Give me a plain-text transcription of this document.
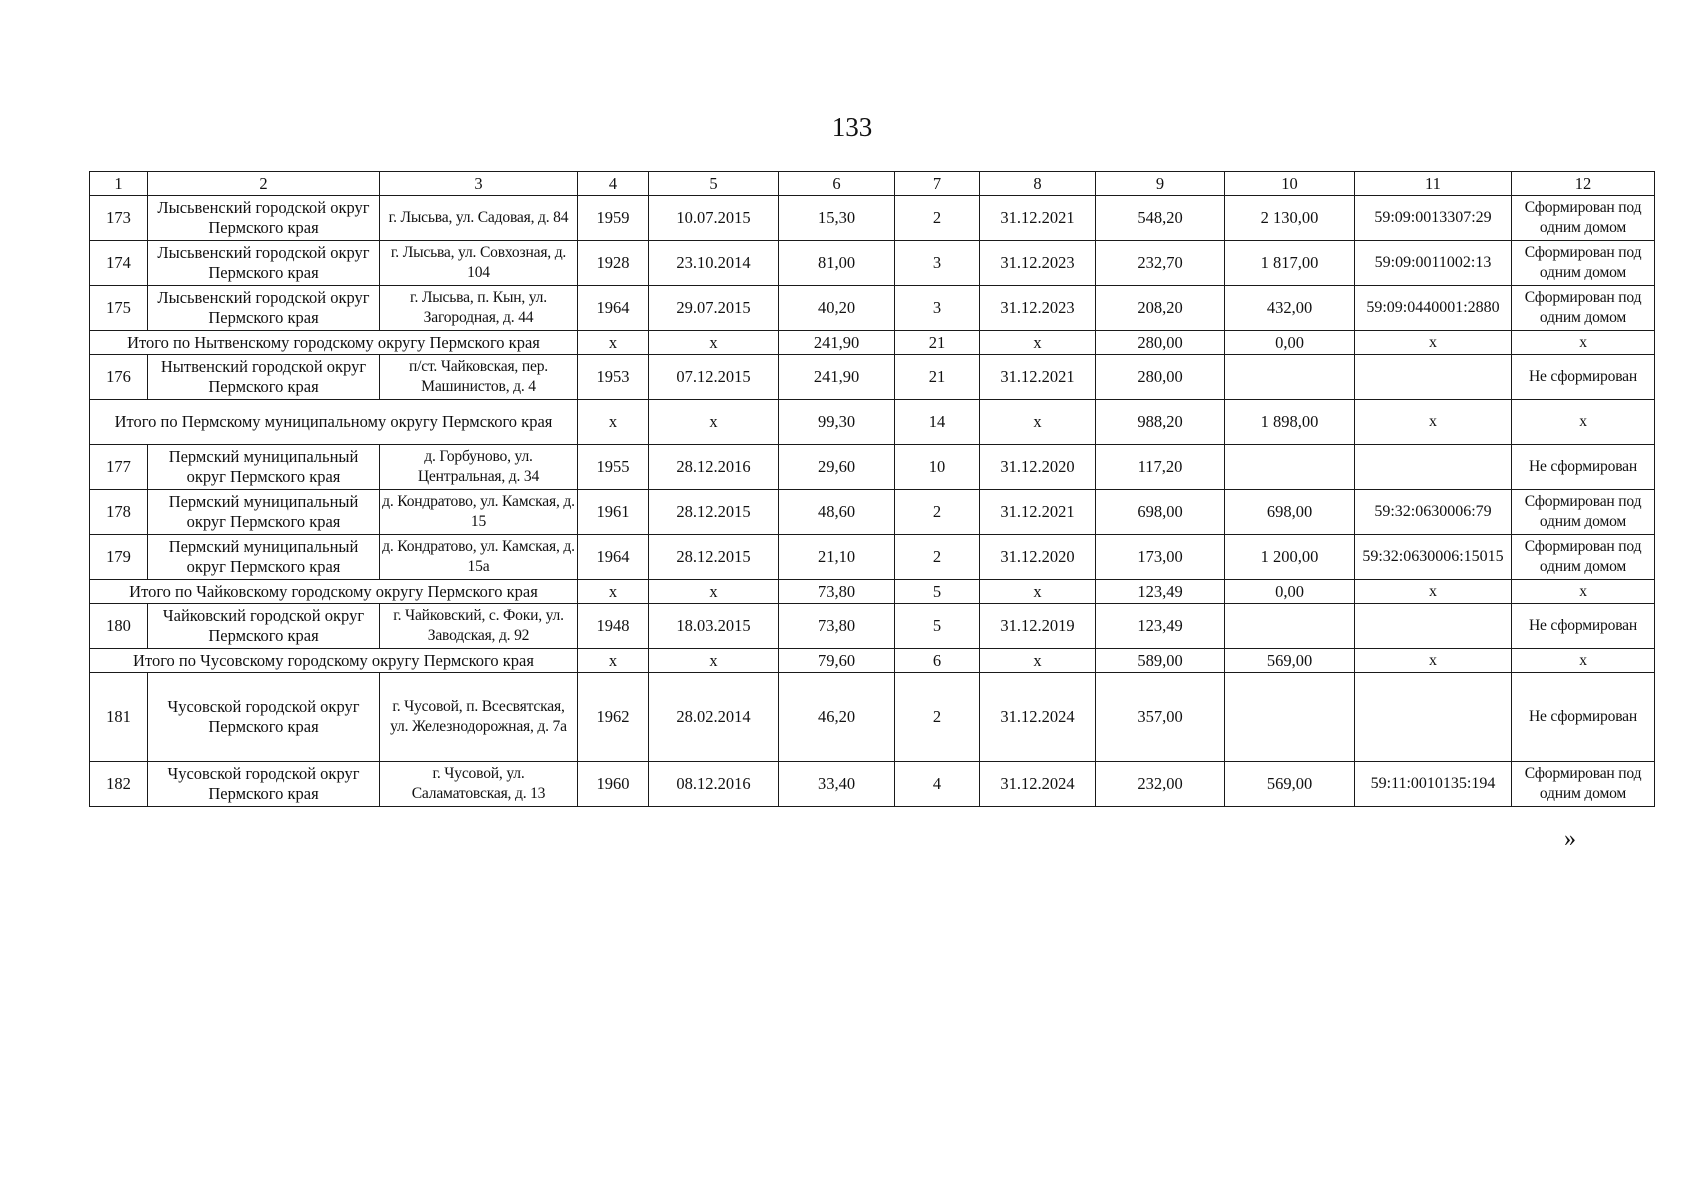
133
1	2	3	4	5	6	7	8	9	10	11	12
173	Лысьвенский городской округ Пермского края	г. Лысьва, ул. Садовая, д. 84	1959	10.07.2015	15,30	2	31.12.2021	548,20	2 130,00	59:09:0013307:29	Сформирован под одним домом
174	Лысьвенский городской округ Пермского края	г. Лысьва, ул. Совхозная, д. 104	1928	23.10.2014	81,00	3	31.12.2023	232,70	1 817,00	59:09:0011002:13	Сформирован под одним домом
175	Лысьвенский городской округ Пермского края	г. Лысьва, п. Кын, ул. Загородная, д. 44	1964	29.07.2015	40,20	3	31.12.2023	208,20	432,00	59:09:0440001:2880	Сформирован под одним домом
Итого по Нытвенскому городскому округу Пермского края			x	x	241,90	21	x	280,00	0,00	x	x
176	Нытвенский городской округ Пермского края	п/ст. Чайковская, пер. Машинистов, д. 4	1953	07.12.2015	241,90	21	31.12.2021	280,00			Не сформирован
Итого по Пермскому муниципальному округу Пермского края			x	x	99,30	14	x	988,20	1 898,00	x	x
177	Пермский муниципальный округ Пермского края	д. Горбуново, ул. Центральная, д. 34	1955	28.12.2016	29,60	10	31.12.2020	117,20			Не сформирован
178	Пермский муниципальный округ Пермского края	д. Кондратово, ул. Камская, д. 15	1961	28.12.2015	48,60	2	31.12.2021	698,00	698,00	59:32:0630006:79	Сформирован под одним домом
179	Пермский муниципальный округ Пермского края	д. Кондратово, ул. Камская, д. 15а	1964	28.12.2015	21,10	2	31.12.2020	173,00	1 200,00	59:32:0630006:15015	Сформирован под одним домом
Итого по Чайковскому городскому округу Пермского края			x	x	73,80	5	x	123,49	0,00	x	x
180	Чайковский городской округ Пермского края	г. Чайковский, с. Фоки, ул. Заводская, д. 92	1948	18.03.2015	73,80	5	31.12.2019	123,49			Не сформирован
Итого по Чусовскому городскому округу Пермского края			x	x	79,60	6	x	589,00	569,00	x	x
181	Чусовской городской округ Пермского края	г. Чусовой, п. Всесвятская, ул. Железнодорожная, д. 7а	1962	28.02.2014	46,20	2	31.12.2024	357,00			Не сформирован
182	Чусовской городской округ Пермского края	г. Чусовой, ул. Саламатовская, д. 13	1960	08.12.2016	33,40	4	31.12.2024	232,00	569,00	59:11:0010135:194	Сформирован под одним домом
»
